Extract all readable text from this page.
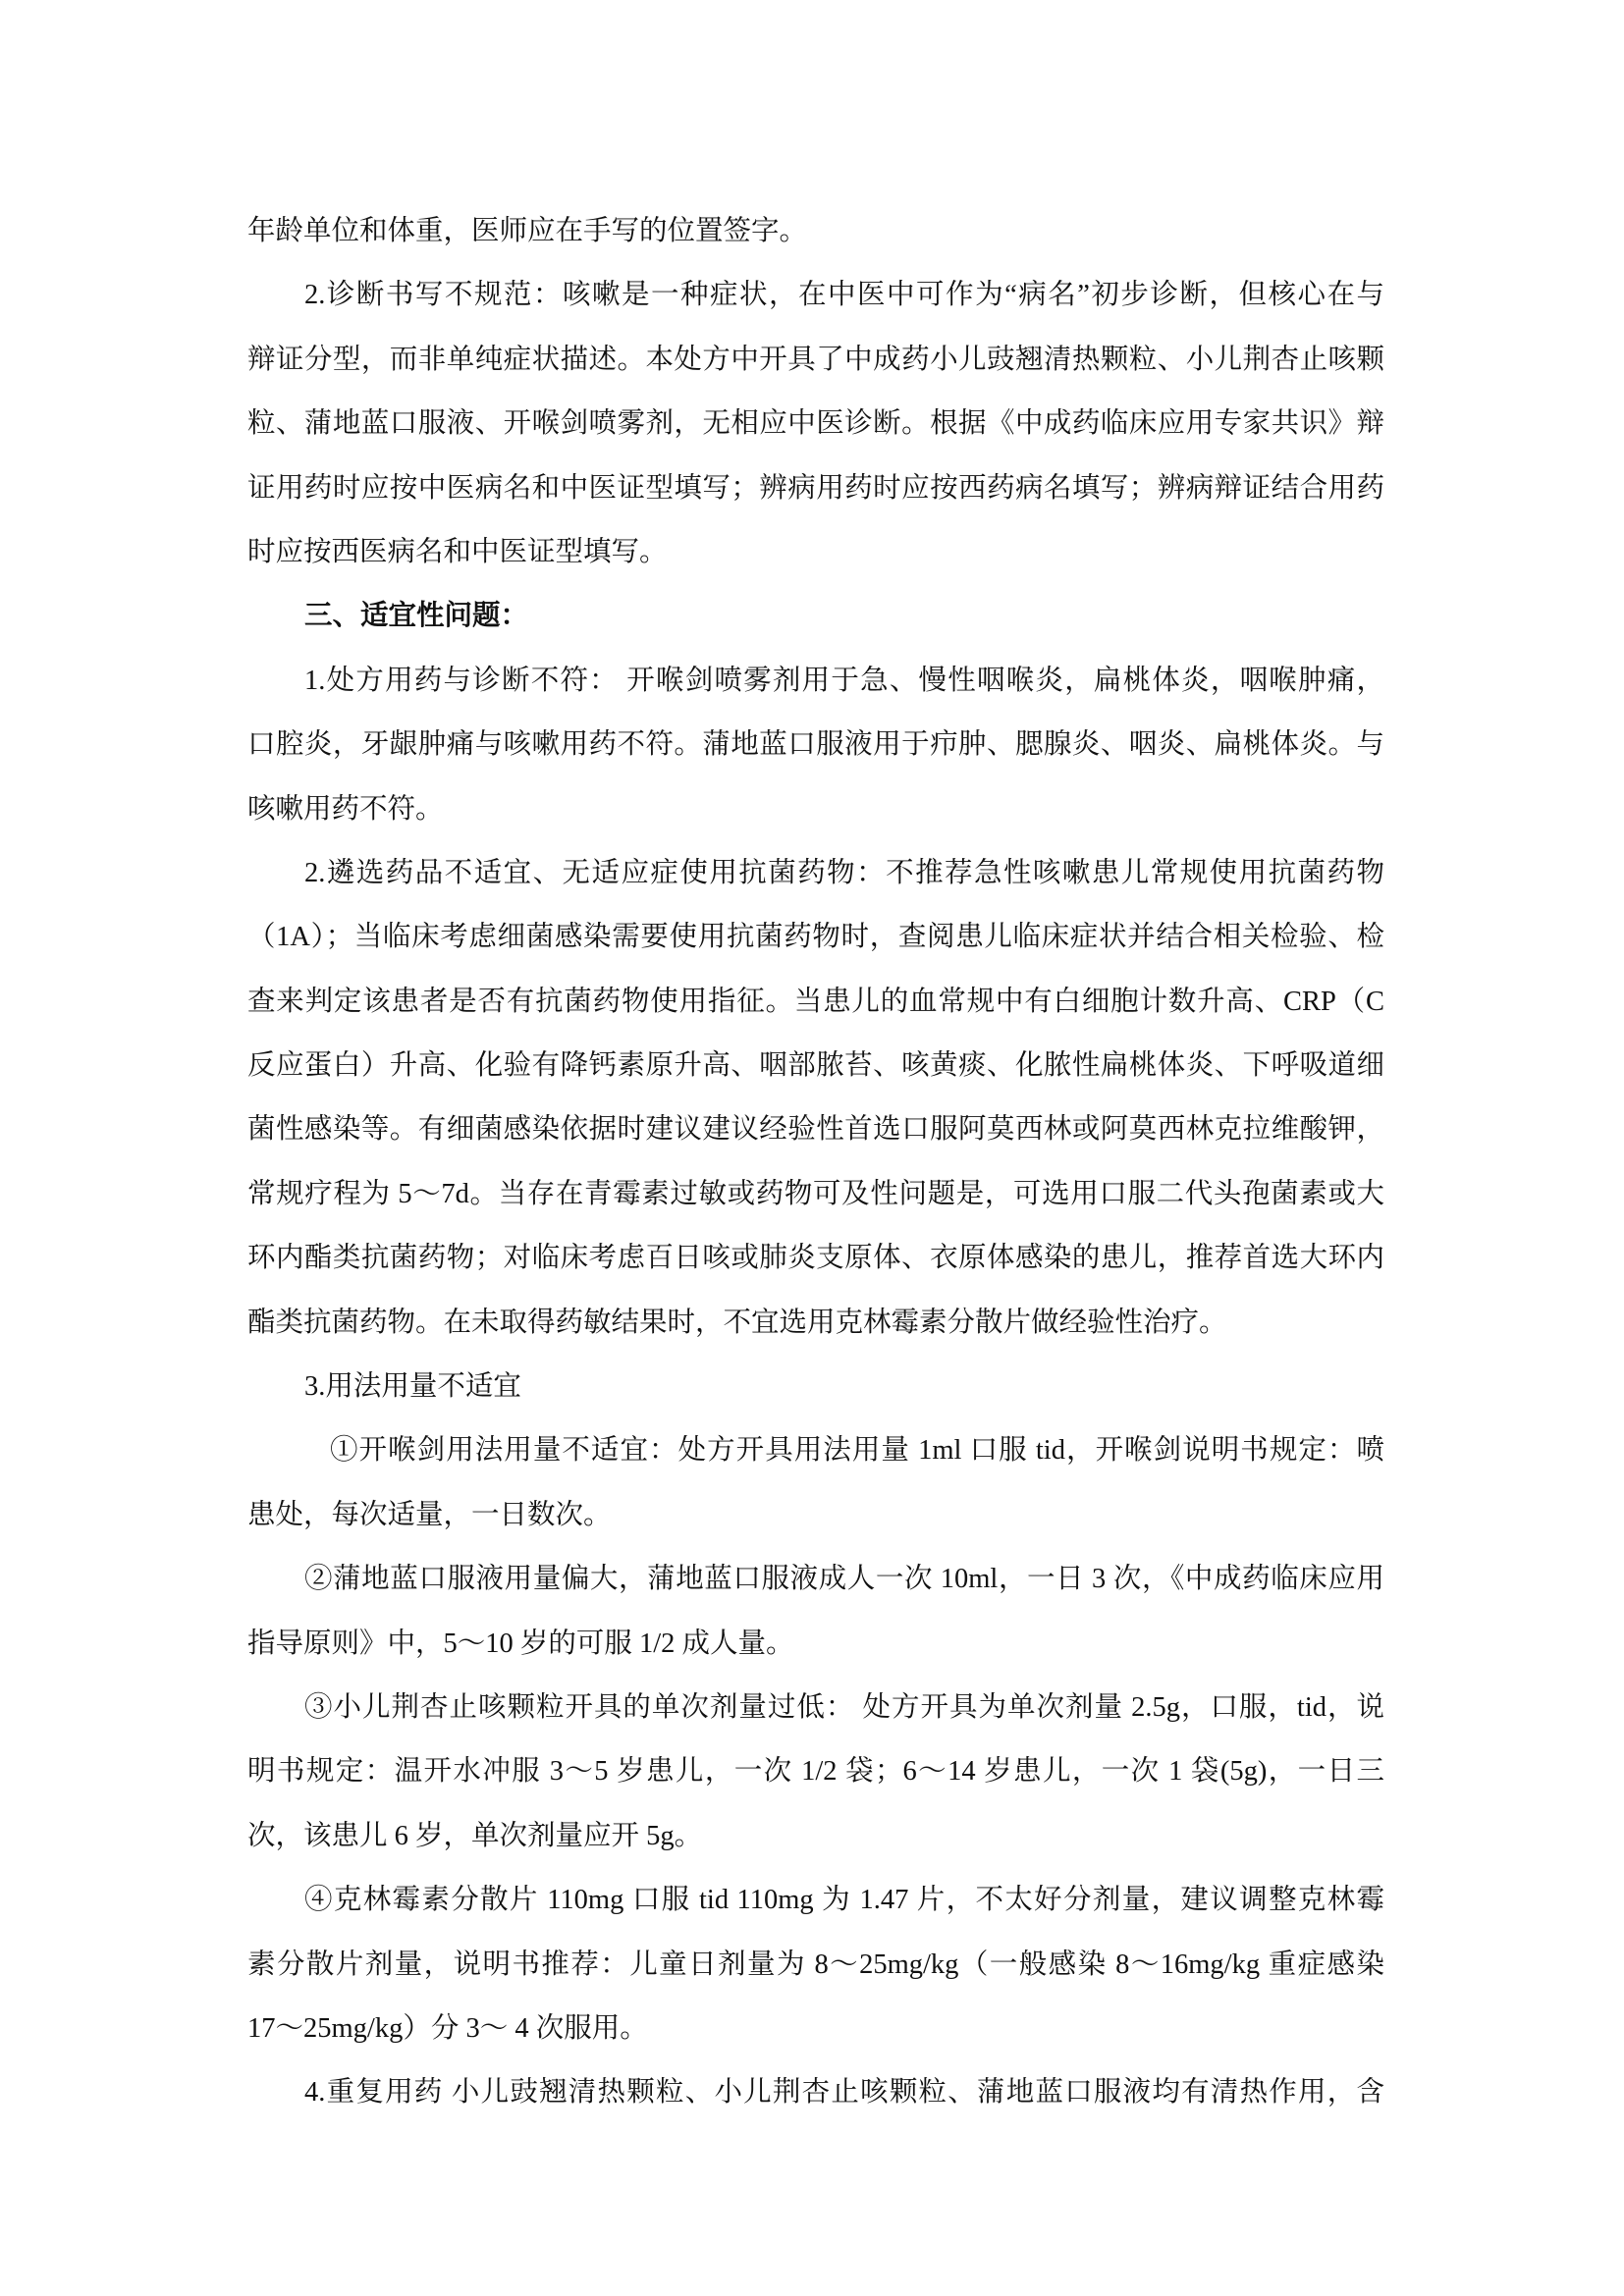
年龄单位和体重，医师应在手写的位置签字。
2.诊断书写不规范：咳嗽是一种症状，在中医中可作为“病名”初步诊断，但核心在与
辩证分型，而非单纯症状描述。本处方中开具了中成药小儿豉翘清热颗粒、小儿荆杏止咳颗
粒、蒲地蓝口服液、开喉剑喷雾剂，无相应中医诊断。根据《中成药临床应用专家共识》辩
证用药时应按中医病名和中医证型填写；辨病用药时应按西药病名填写；辨病辩证结合用药
时应按西医病名和中医证型填写。
三、适宜性问题：
1.处方用药与诊断不符： 开喉剑喷雾剂用于急、慢性咽喉炎，扁桃体炎，咽喉肿痛，
口腔炎，牙龈肿痛与咳嗽用药不符。蒲地蓝口服液用于疖肿、腮腺炎、咽炎、扁桃体炎。与
咳嗽用药不符。
2.遴选药品不适宜、无适应症使用抗菌药物：不推荐急性咳嗽患儿常规使用抗菌药物
（1A）；当临床考虑细菌感染需要使用抗菌药物时，查阅患儿临床症状并结合相关检验、检
查来判定该患者是否有抗菌药物使用指征。当患儿的血常规中有白细胞计数升高、CRP（C
反应蛋白）升高、化验有降钙素原升高、咽部脓苔、咳黄痰、化脓性扁桃体炎、下呼吸道细
菌性感染等。有细菌感染依据时建议建议经验性首选口服阿莫西林或阿莫西林克拉维酸钾，
常规疗程为 5～7d。当存在青霉素过敏或药物可及性问题是，可选用口服二代头孢菌素或大
环内酯类抗菌药物；对临床考虑百日咳或肺炎支原体、衣原体感染的患儿，推荐首选大环内
酯类抗菌药物。在未取得药敏结果时，不宜选用克林霉素分散片做经验性治疗。
3.用法用量不适宜
①开喉剑用法用量不适宜：处方开具用法用量 1ml 口服 tid，开喉剑说明书规定：喷
患处，每次适量，一日数次。
②蒲地蓝口服液用量偏大，蒲地蓝口服液成人一次 10ml，一日 3 次，《中成药临床应用
指导原则》中，5～10 岁的可服 1/2 成人量。
③小儿荆杏止咳颗粒开具的单次剂量过低： 处方开具为单次剂量 2.5g，口服，tid，说
明书规定：温开水冲服 3～5 岁患儿，一次 1/2 袋；6～14 岁患儿，一次 1 袋(5g)，一日三
次，该患儿 6 岁，单次剂量应开 5g。
④克林霉素分散片 110mg 口服 tid 110mg 为 1.47 片，不太好分剂量，建议调整克林霉
素分散片剂量，说明书推荐：儿童日剂量为 8～25mg/kg（一般感染 8～16mg/kg 重症感染
17～25mg/kg）分 3～ 4 次服用。
4.重复用药 小儿豉翘清热颗粒、小儿荆杏止咳颗粒、蒲地蓝口服液均有清热作用，含
